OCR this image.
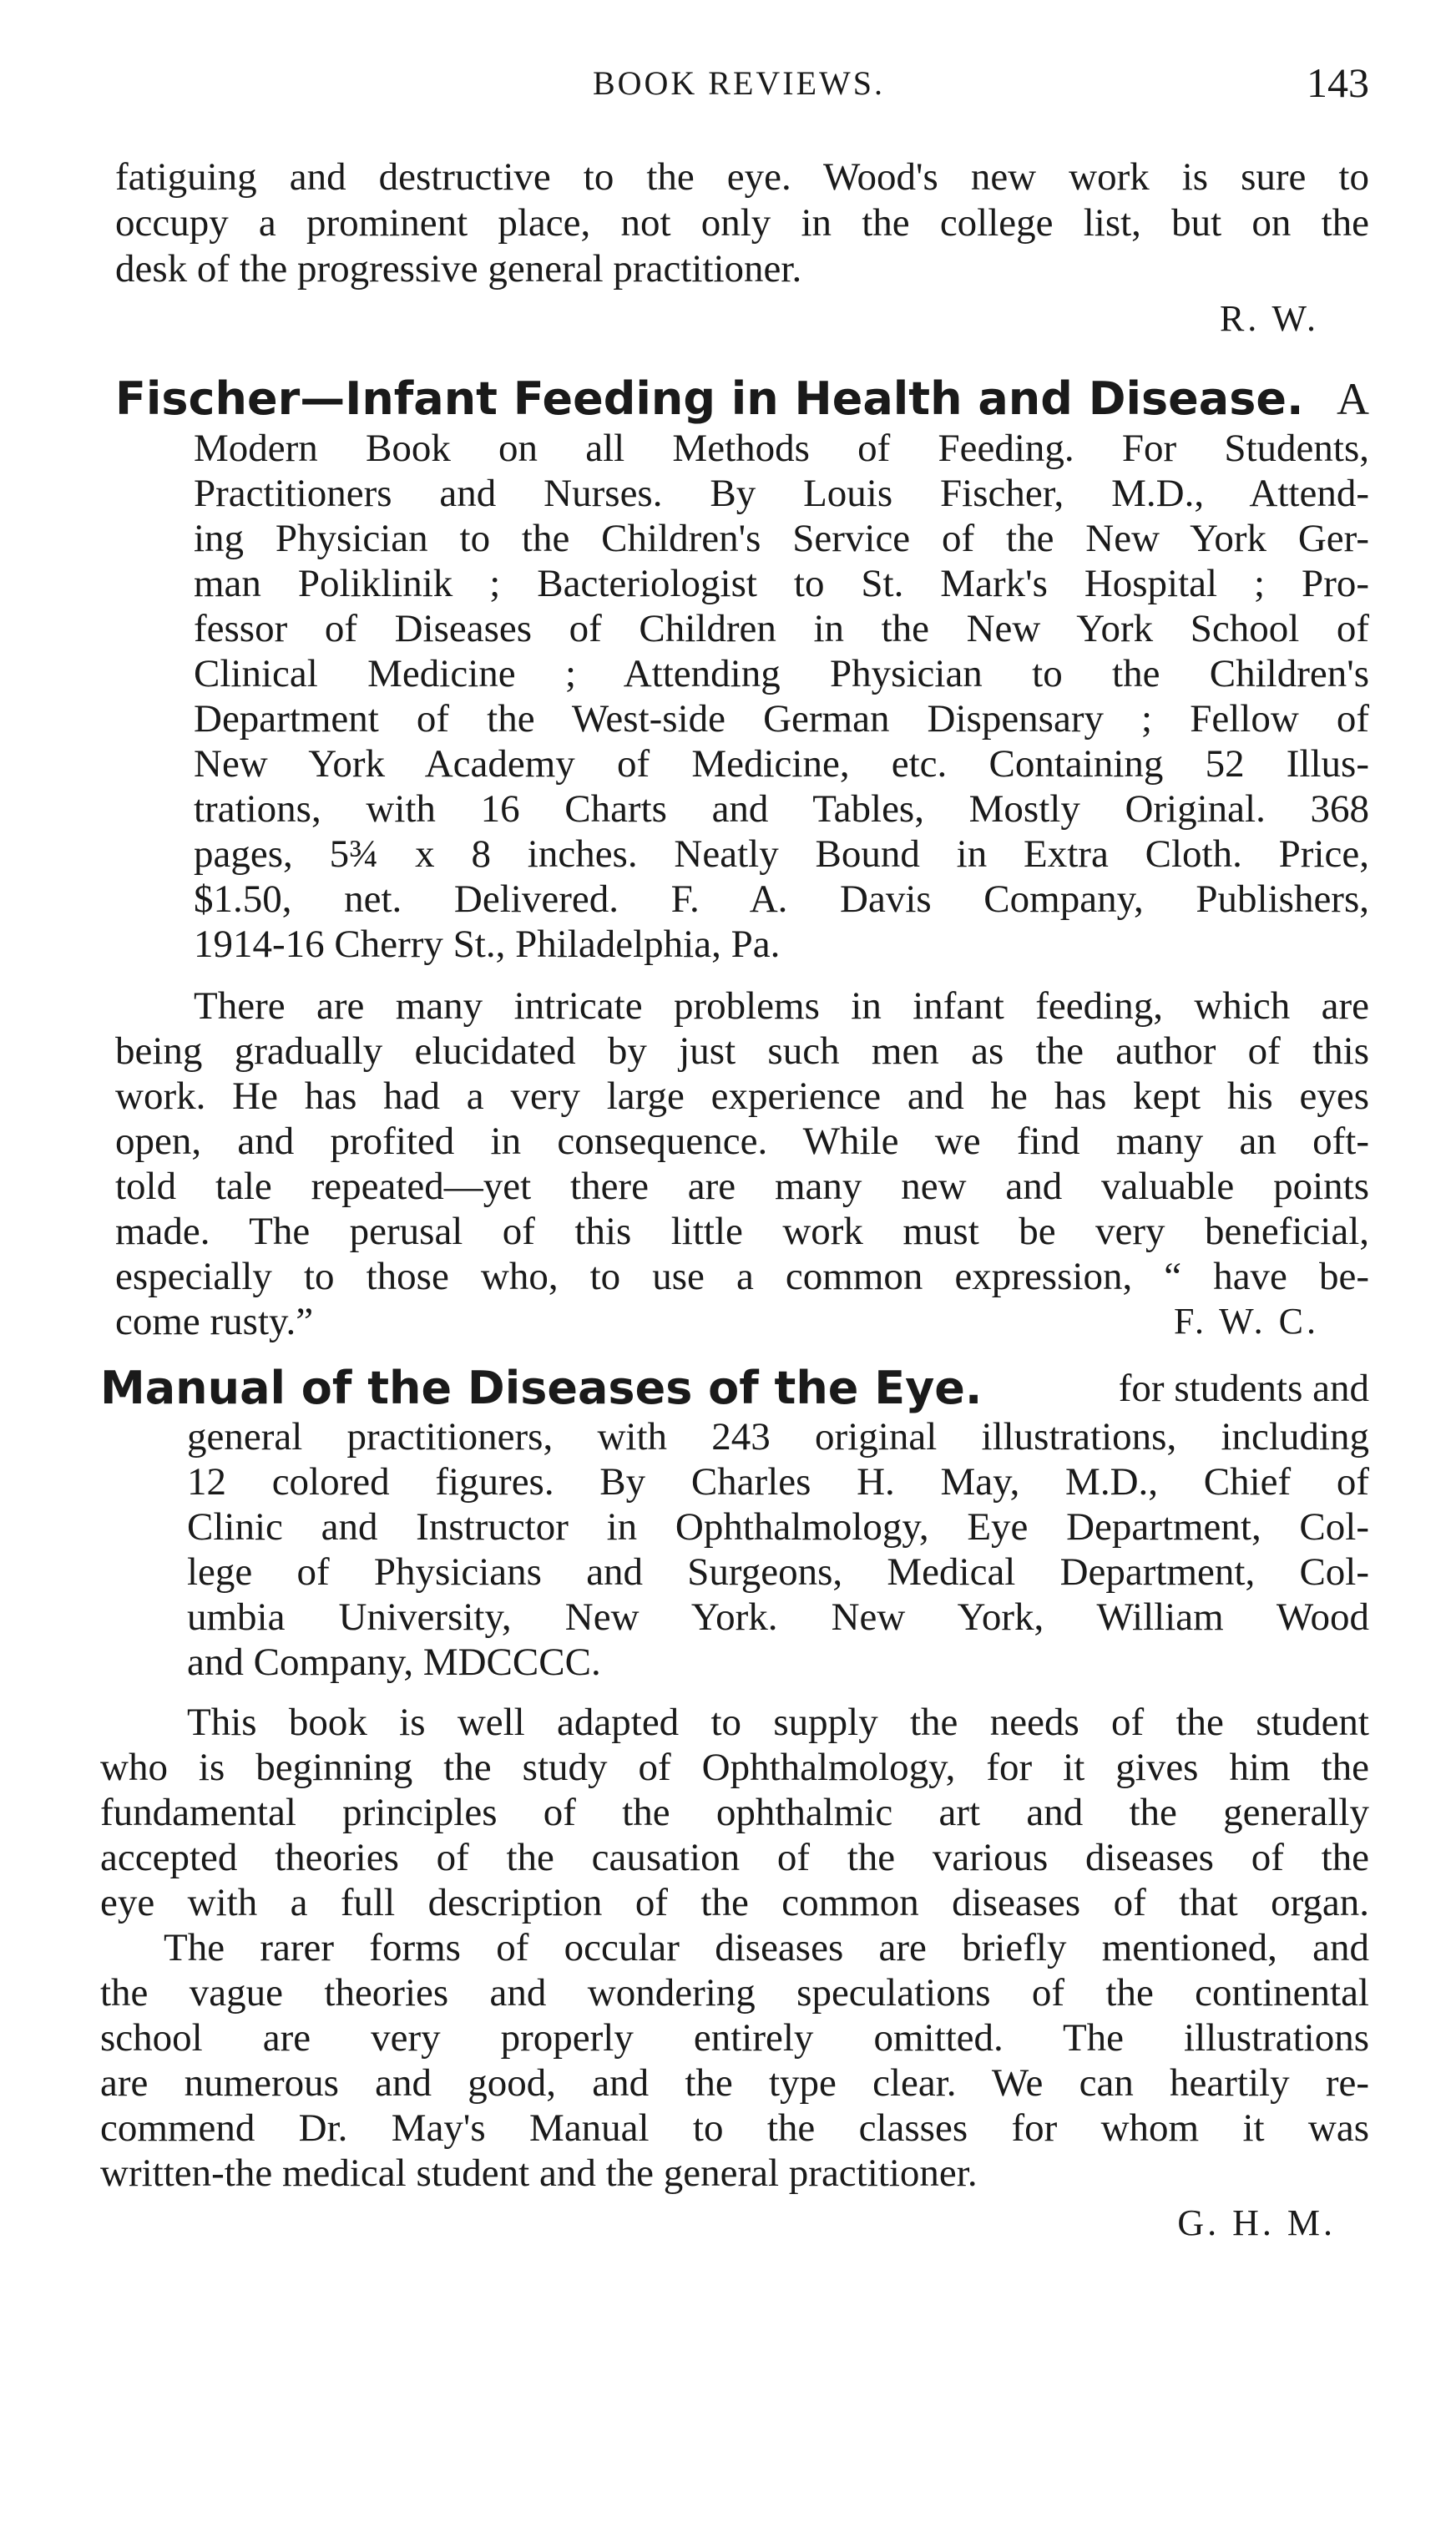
BOOK REVIEWS.	143
fatiguing and destructive to the eye. Wood's new work is sure to
occupy a prominent place, not only in the college list, but on the
desk of the progressive general practitioner.
R. W.
Fischer—Infant Feeding in Health and Disease. A
Modern Book on all Methods of Feeding. For Students,
Practitioners and Nurses. By Louis Fischer, M.D., Attend-
ing Physician to the Children's Service of the New York Ger-
man Poliklinik ; Bacteriologist to St. Mark's Hospital ; Pro-
fessor of Diseases of Children in the New York School of
Clinical Medicine ; Attending Physician to the Children's
Department of the West-side German Dispensary ; Fellow of
New York Academy of Medicine, etc. Containing 52 Illus-
trations, with 16 Charts and Tables, Mostly Original. 368
pages, 5¾ x 8 inches. Neatly Bound in Extra Cloth. Price,
$1.50, net. Delivered. F. A. Davis Company, Publishers,
1914-16 Cherry St., Philadelphia, Pa.
There are many intricate problems in infant feeding, which are
being gradually elucidated by just such men as the author of this
work. He has had a very large experience and he has kept his eyes
open, and profited in consequence. While we find many an oft-
told tale repeated—yet there are many new and valuable points
made. The perusal of this little work must be very beneficial,
especially to those who, to use a common expression, “ have be-
come rusty.”	F. W. C.
Manual of the Diseases of the Eye.	for students and
general practitioners, with 243 original illustrations, including
12 colored figures. By Charles H. May, M.D., Chief of
Clinic and Instructor in Ophthalmology, Eye Department, Col-
lege of Physicians and Surgeons, Medical Department, Col-
umbia University, New York. New York, William Wood
and Company, MDCCCC.
This book is well adapted to supply the needs of the student
who is beginning the study of Ophthalmology, for it gives him the
fundamental principles of the ophthalmic art and the generally
accepted theories of the causation of the various diseases of the
eye with a full description of the common diseases of that organ.
The rarer forms of occular diseases are briefly mentioned, and
the vague theories and wondering speculations of the continental
school are very properly entirely omitted. The illustrations
are numerous and good, and the type clear. We can heartily re-
commend Dr. May's Manual to the classes for whom it was
written-the medical student and the general practitioner.
G. H. M.
